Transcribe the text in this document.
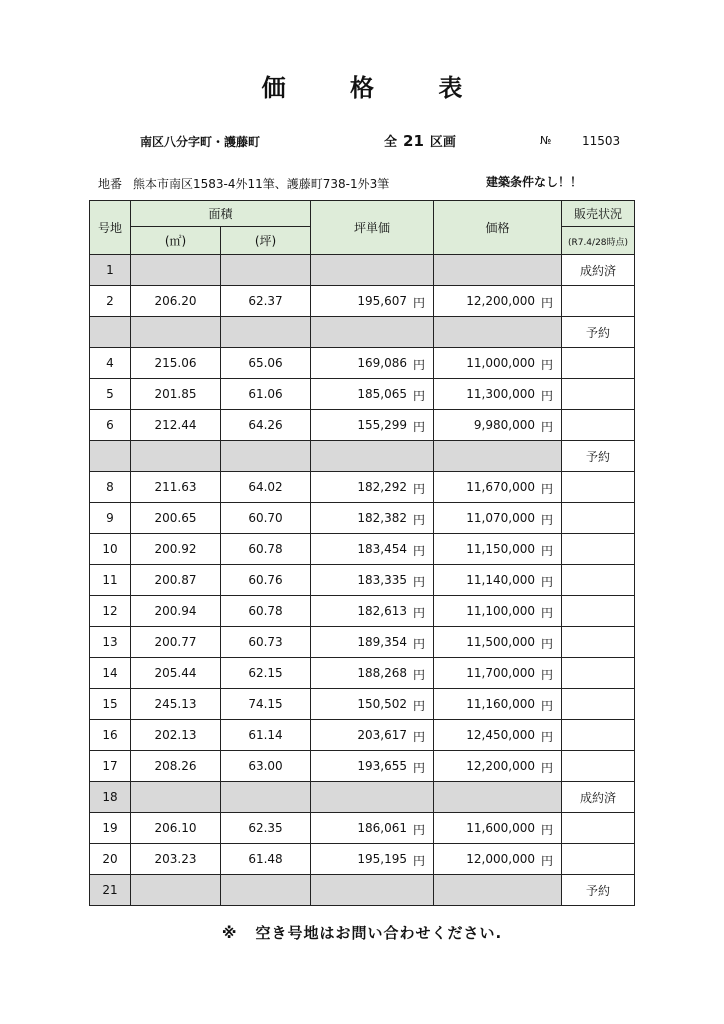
価 格 表
南区八分字町・護藤町	全 21 区画	№	11503
地番 熊本市南区1583-4外11筆、護藤町738-1外3筆	建築条件なし！！
号地	面積		坪単価	価格	販売状況
	(㎡)	(坪)			(R7.4/28時点)
1					成約済
2	206.20	62.37	195,607 円	12,200,000 円	

					予約
4	215.06	65.06	169,086 円	11,000,000 円	

5	201.85	61.06	185,065 円	11,300,000 円	

6	212.44	64.26	155,299 円	9,980,000 円	

					予約
8	211.63	64.02	182,292 円	11,670,000 円	

9	200.65	60.70	182,382 円	11,070,000 円	

10	200.92	60.78	183,454 円	11,150,000 円	

11	200.87	60.76	183,335 円	11,140,000 円	

12	200.94	60.78	182,613 円	11,100,000 円	

13	200.77	60.73	189,354 円	11,500,000 円	

14	205.44	62.15	188,268 円	11,700,000 円	

15	245.13	74.15	150,502 円	11,160,000 円	

16	202.13	61.14	203,617 円	12,450,000 円	

17	208.26	63.00	193,655 円	12,200,000 円	

18					成約済
19	206.10	62.35	186,061 円	11,600,000 円	

20	203.23	61.48	195,195 円	12,000,000 円	

21					予約
※ 空き号地はお問い合わせください.
